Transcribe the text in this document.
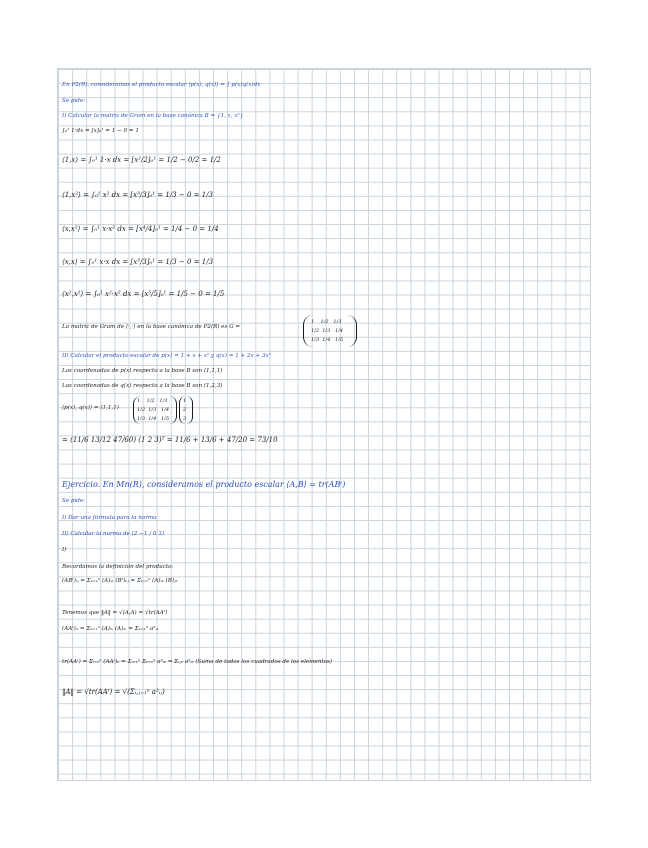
En P2(R), consideramos el producto escalar ⟨p(x), q(x)⟩ = ∫ p(x)q(x)dx
Se pide:
I) Calcular la matriz de Gram en la base canónica B = {1, x, x²}
∫₀¹ 1·dx = [x]₀¹ = 1 − 0 = 1
⟨1,x⟩ = ∫₀¹ 1·x dx = [x²/2]₀¹ = 1/2 − 0/2 = 1/2
⟨1,x²⟩ = ∫₀¹ x² dx = [x³/3]₀¹ = 1/3 − 0 = 1/3
⟨x,x²⟩ = ∫₀¹ x·x² dx = [x⁴/4]₀¹ = 1/4 − 0 = 1/4
⟨x,x⟩ = ∫₀¹ x·x dx = [x³/3]₀¹ = 1/3 − 0 = 1/3
⟨x²,x²⟩ = ∫₀¹ x²·x² dx = [x⁵/5]₀¹ = 1/5 − 0 = 1/5
La matriz de Gram de ⟨·,·⟩ en la base canónica de P2(R) es G =
1    1/2   1/3
1/2  1/3   1/4
1/3  1/4   1/5
II) Calcular el producto escalar de p(x) = 1 + x + x² y q(x) = 1 + 2x + 3x²
Las coordenadas de p(x) respecto a la base B son (1,1,1)
Las coordenadas de q(x) respecto a la base B son (1,2,3)
⟨p(x), q(x)⟩ = (1,1,1)
1    1/2   1/3
1/2  1/3   1/4
1/3  1/4   1/5
1
2
3
= (11/6 13/12 47/60) (1 2 3)ᵀ = 11/6 + 13/6 + 47/20 = 73/10
Ejercicio. En Mn(R), consideramos el producto escalar ⟨A,B⟩ = tr(ABᵗ)
Se pide:
I) Dar una fórmula para la norma
II) Calcular la norma de (2 −1 / 0 3)
I)
Recordamos la definición del producto:
(ABᵗ)ᵢⱼ = Σₖ₌₁ⁿ (A)ᵢₖ (Bᵗ)ₖⱼ = Σₖ₌₁ⁿ (A)ᵢₖ (B)ⱼₖ
Tenemos que ‖A‖ = √⟨A,A⟩ = √tr(AAᵗ)
(AAᵗ)ᵢᵢ = Σₖ₌₁ⁿ (A)ᵢₖ (A)ᵢₖ = Σₖ₌₁ⁿ a²ᵢₖ
tr(AAᵗ) = Σᵢ₌₁ⁿ (AAᵗ)ᵢᵢ = Σᵢ₌₁ⁿ Σₖ₌₁ⁿ a²ᵢₖ = Σᵢ,ₖ a²ᵢₖ (Suma de todos los cuadrados de los elementos)
‖A‖ = √tr(AAᵗ) = √(Σᵢ,ⱼ₌₁ⁿ a²ᵢⱼ)
